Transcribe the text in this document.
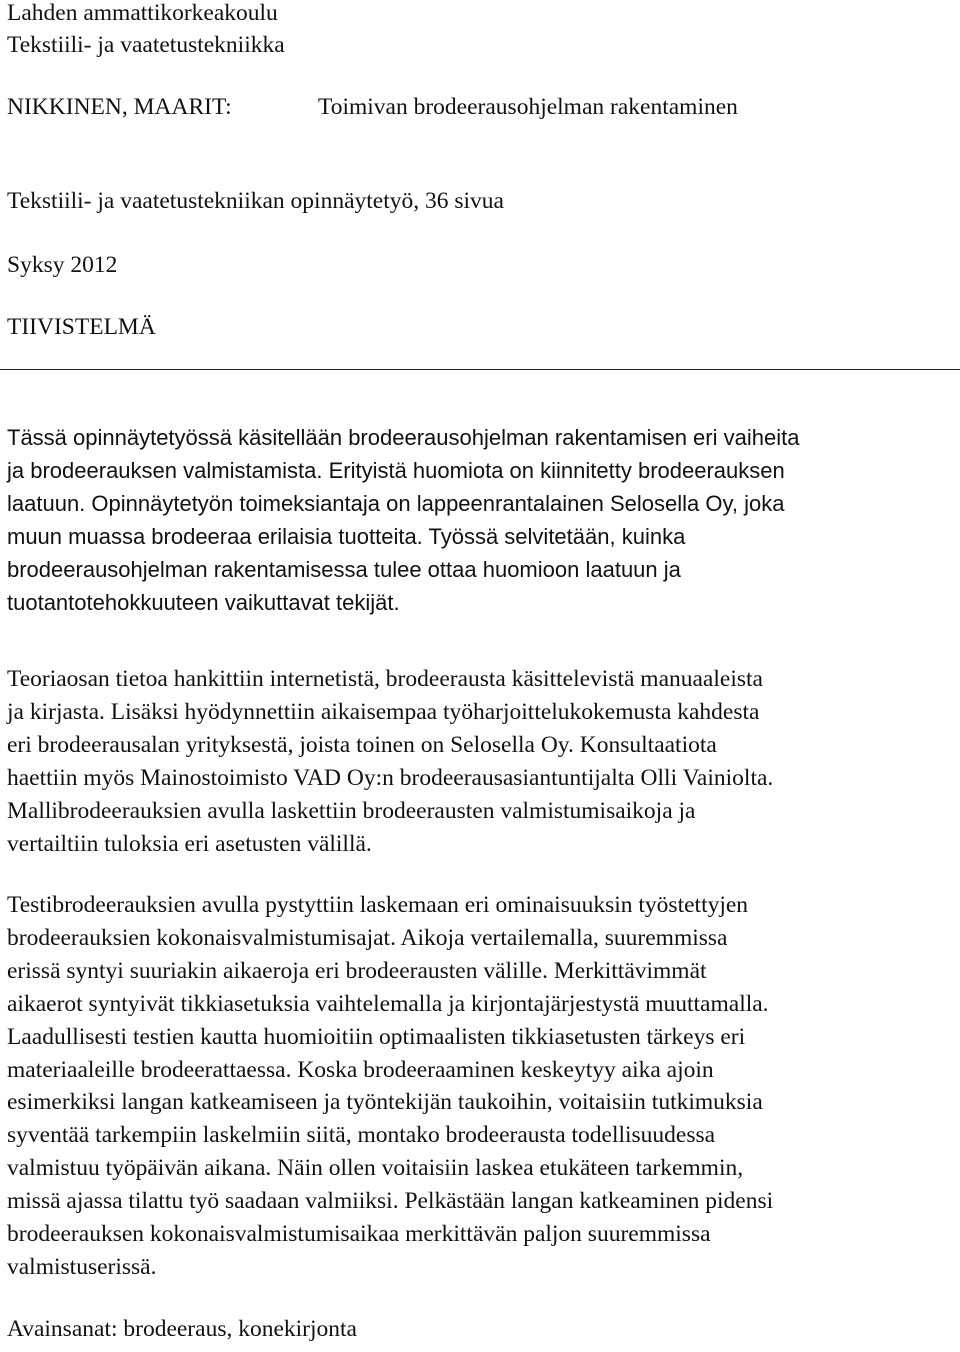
Lahden ammattikorkeakoulu
Tekstiili- ja vaatetustekniikka
NIKKINEN, MAARIT:	Toimivan brodeerausohjelman rakentaminen
Tekstiili- ja vaatetustekniikan opinnäytetyö, 36 sivua
Syksy 2012
TIIVISTELMÄ

Tässä opinnäytetyössä käsitellään brodeerausohjelman rakentamisen eri vaiheita
ja brodeerauksen valmistamista. Erityistä huomiota on kiinnitetty brodeerauksen
laatuun. Opinnäytetyön toimeksiantaja on lappeenrantalainen Selosella Oy, joka
muun muassa brodeeraa erilaisia tuotteita. Työssä selvitetään, kuinka
brodeerausohjelman rakentamisessa tulee ottaa huomioon laatuun ja
tuotantotehokkuuteen vaikuttavat tekijät.

Teoriaosan tietoa hankittiin internetistä, brodeerausta käsittelevistä manuaaleista
ja kirjasta. Lisäksi hyödynnettiin aikaisempaa työharjoittelukokemusta kahdesta
eri brodeerausalan yrityksestä, joista toinen on Selosella Oy. Konsultaatiota
haettiin myös Mainostoimisto VAD Oy:n brodeerausasiantuntijalta Olli Vainiolta.
Mallibrodeerauksien avulla laskettiin brodeerausten valmistumisaikoja ja
vertailtiin tuloksia eri asetusten välillä.

Testibrodeerauksien avulla pystyttiin laskemaan eri ominaisuuksin työstettyjen
brodeerauksien kokonaisvalmistumisajat. Aikoja vertailemalla, suuremmissa
erissä syntyi suuriakin aikaeroja eri brodeerausten välille. Merkittävimmät
aikaerot syntyivät tikkiasetuksia vaihtelemalla ja kirjontajärjestystä muuttamalla.
Laadullisesti testien kautta huomioitiin optimaalisten tikkiasetusten tärkeys eri
materiaaleille brodeerattaessa. Koska brodeeraaminen keskeytyy aika ajoin
esimerkiksi langan katkeamiseen ja työntekijän taukoihin, voitaisiin tutkimuksia
syventää tarkempiin laskelmiin siitä, montako brodeerausta todellisuudessa
valmistuu työpäivän aikana. Näin ollen voitaisiin laskea etukäteen tarkemmin,
missä ajassa tilattu työ saadaan valmiiksi. Pelkästään langan katkeaminen pidensi
brodeerauksen kokonaisvalmistumisaikaa merkittävän paljon suuremmissa
valmistuserissä.

Avainsanat: brodeeraus, konekirjonta
